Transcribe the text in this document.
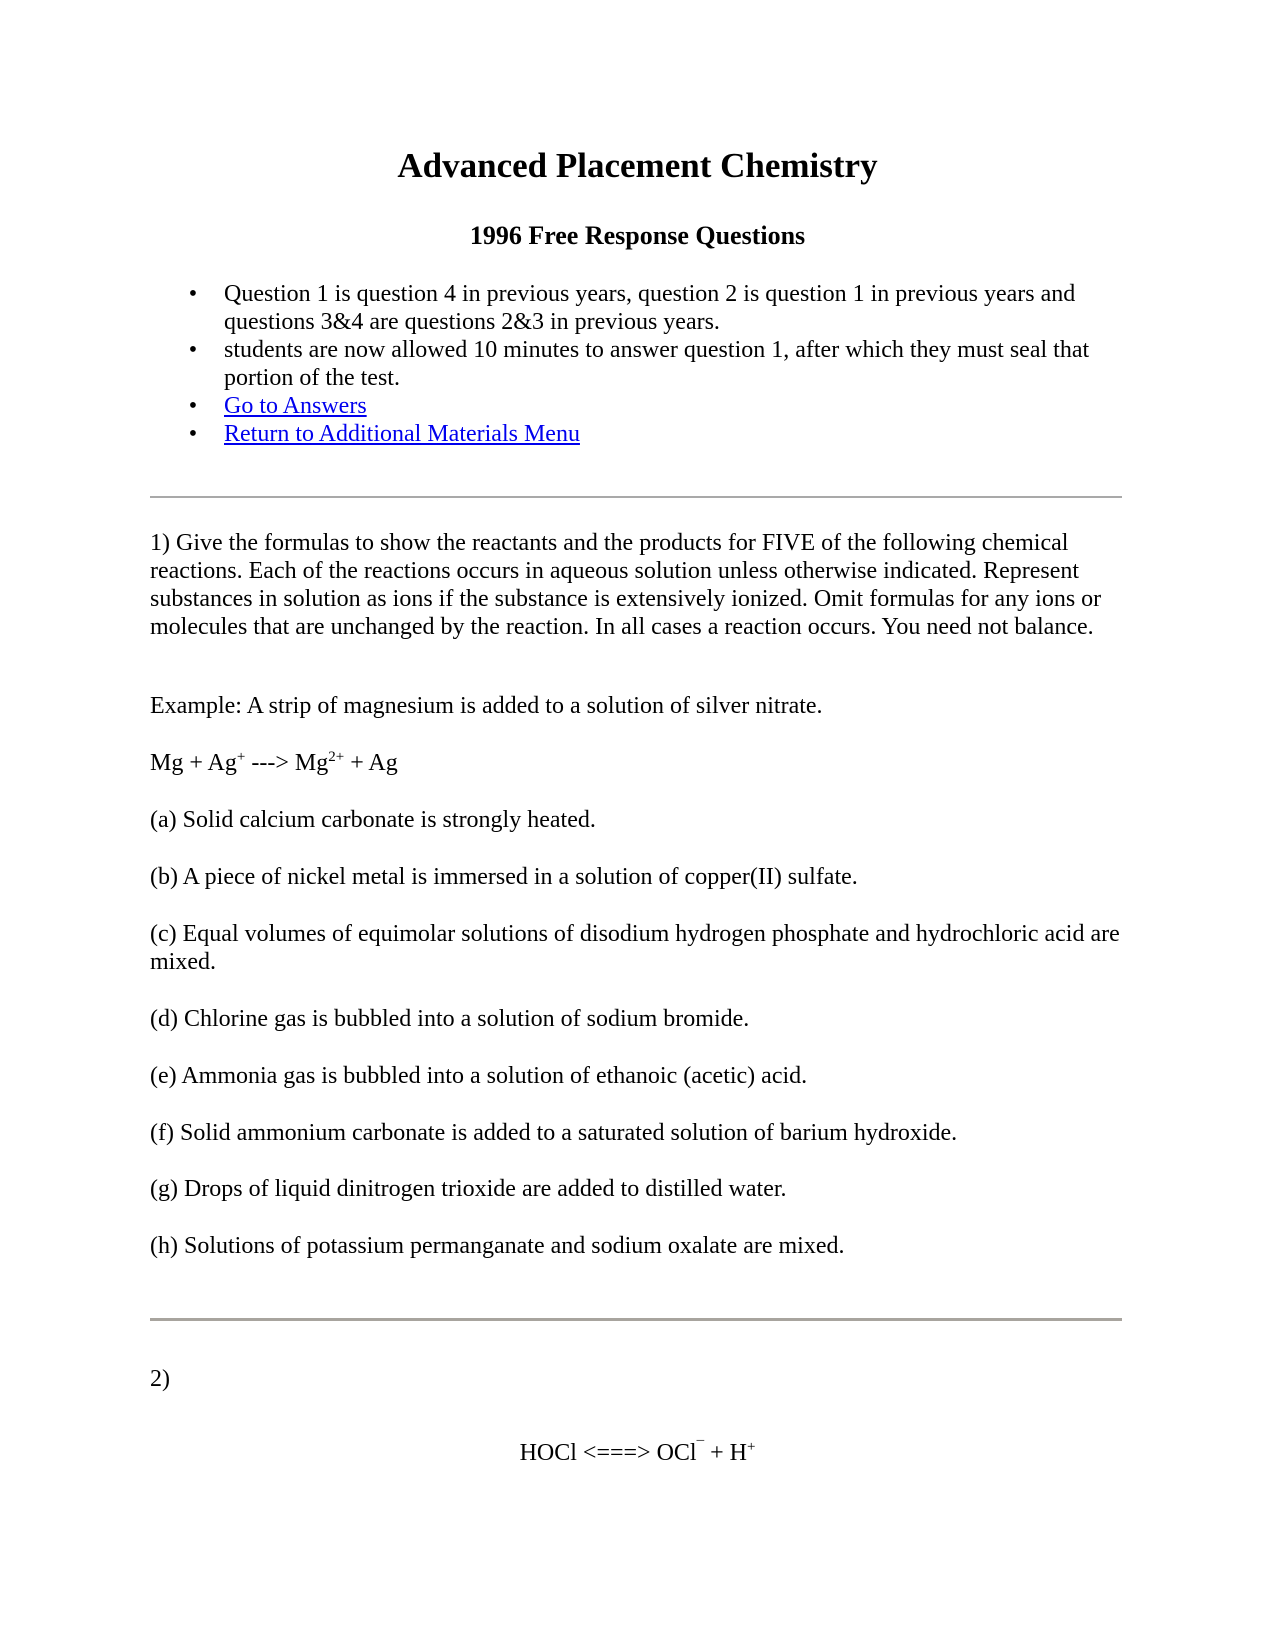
Advanced Placement Chemistry
1996 Free Response Questions
• Question 1 is question 4 in previous years, question 2 is question 1 in previous years and questions 3&4 are questions 2&3 in previous years.
• students are now allowed 10 minutes to answer question 1, after which they must seal that portion of the test.
• Go to Answers
• Return to Additional Materials Menu

1) Give the formulas to show the reactants and the products for FIVE of the following chemical reactions. Each of the reactions occurs in aqueous solution unless otherwise indicated. Represent substances in solution as ions if the substance is extensively ionized. Omit formulas for any ions or molecules that are unchanged by the reaction. In all cases a reaction occurs. You need not balance.

Example: A strip of magnesium is added to a solution of silver nitrate.

Mg + Ag+ ---> $Mg^{2+} + Ag$

(a) Solid calcium carbonate is strongly heated.

(b) A piece of nickel metal is immersed in a solution of copper(II) sulfate.

(c) Equal volumes of equimolar solutions of disodium hydrogen phosphate and hydrochloric acid are mixed.

(d) Chlorine gas is bubbled into a solution of sodium bromide.

(e) Ammonia gas is bubbled into a solution of ethanoic (acetic) acid.

(f) Solid ammonium carbonate is added to a saturated solution of barium hydroxide.

(g) Drops of liquid dinitrogen trioxide are added to distilled water.

(h) Solutions of potassium permanganate and sodium oxalate are mixed.

2)

HOCl <===> OCl¯ + H+
